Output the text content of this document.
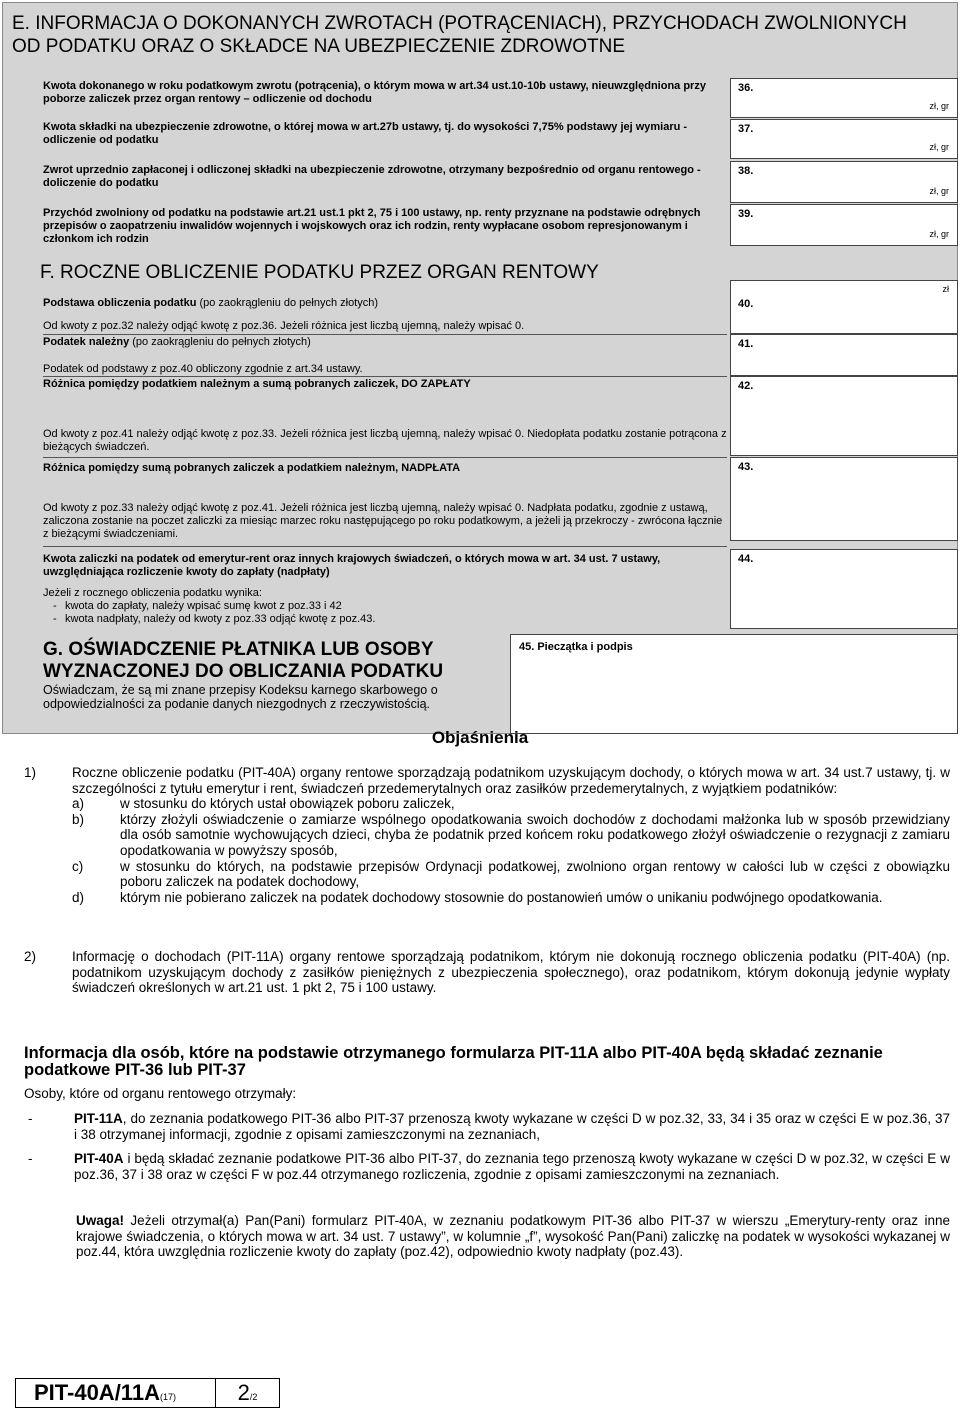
E. INFORMACJA O DOKONANYCH ZWROTACH (POTRĄCENIACH), PRZYCHODACH ZWOLNIONYCH OD PODATKU ORAZ O SKŁADCE NA UBEZPIECZENIE ZDROWOTNE
Kwota dokonanego w roku podatkowym zwrotu (potrącenia), o którym mowa w art.34 ust.10-10b ustawy, nieuwzględniona przy poborze zaliczek przez organ rentowy – odliczenie od dochodu
36.
zł, gr
Kwota składki na ubezpieczenie zdrowotne, o której mowa w art.27b ustawy, tj. do wysokości 7,75% podstawy jej wymiaru - odliczenie od podatku
37.
zł, gr
Zwrot uprzednio zapłaconej i odliczonej składki na ubezpieczenie zdrowotne, otrzymany bezpośrednio od organu rentowego - doliczenie do podatku
38.
zł, gr
Przychód zwolniony od podatku na podstawie art.21 ust.1 pkt 2, 75 i 100 ustawy, np. renty przyznane na podstawie odrębnych przepisów o zaopatrzeniu inwalidów wojennych i wojskowych oraz ich rodzin, renty wypłacane osobom represjonowanym i członkom ich rodzin
39.
zł, gr
F. ROCZNE OBLICZENIE PODATKU PRZEZ ORGAN RENTOWY
Podstawa obliczenia podatku (po zaokrągleniu do pełnych złotych)
Od kwoty z poz.32 należy odjąć kwotę z poz.36. Jeżeli różnica jest liczbą ujemną, należy wpisać 0.
40.
zł
Podatek należny (po zaokrągleniu do pełnych złotych)
Podatek od podstawy z poz.40 obliczony zgodnie z art.34 ustawy.
41.
Różnica pomiędzy podatkiem należnym a sumą pobranych zaliczek, DO ZAPŁATY
Od kwoty z poz.41 należy odjąć kwotę z poz.33. Jeżeli różnica jest liczbą ujemną, należy wpisać 0. Niedopłata podatku zostanie potrącona z bieżących świadczeń.
42.
Różnica pomiędzy sumą pobranych zaliczek a podatkiem należnym, NADPŁATA
Od kwoty z poz.33 należy odjąć kwotę z poz.41. Jeżeli różnica jest liczbą ujemną, należy wpisać 0. Nadpłata podatku, zgodnie z ustawą, zaliczona zostanie na poczet zaliczki za miesiąc marzec roku następującego po roku podatkowym, a jeżeli ją przekroczy - zwrócona łącznie z bieżącymi świadczeniami.
43.
Kwota zaliczki na podatek od emerytur-rent oraz innych krajowych świadczeń, o których mowa w art. 34 ust. 7 ustawy, uwzględniająca rozliczenie kwoty do zapłaty (nadpłaty)
Jeżeli z rocznego obliczenia podatku wynika:
- kwota do zapłaty, należy wpisać sumę kwot z poz.33 i 42
- kwota nadpłaty, należy od kwoty z poz.33 odjąć kwotę z poz.43.
44.
G. OŚWIADCZENIE PŁATNIKA LUB OSOBY WYZNACZONEJ DO OBLICZANIA PODATKU
Oświadczam, że są mi znane przepisy Kodeksu karnego skarbowego o odpowiedzialności za podanie danych niezgodnych z rzeczywistością.
45. Pieczątka i podpis
Objaśnienia
1)	Roczne obliczenie podatku (PIT-40A) organy rentowe sporządzają podatnikom uzyskującym dochody, o których mowa w art. 34 ust.7 ustawy, tj. w szczególności z tytułu emerytur i rent, świadczeń przedemerytalnych oraz zasiłków przedemerytalnych, z wyjątkiem podatników:
a)	w stosunku do których ustał obowiązek poboru zaliczek,
b)	którzy złożyli oświadczenie o zamiarze wspólnego opodatkowania swoich dochodów z dochodami małżonka lub w sposób przewidziany dla osób samotnie wychowujących dzieci, chyba że podatnik przed końcem roku podatkowego złożył oświadczenie o rezygnacji z zamiaru opodatkowania w powyższy sposób,
c)	w stosunku do których, na podstawie przepisów Ordynacji podatkowej, zwolniono organ rentowy w całości lub w części z obowiązku poboru zaliczek na podatek dochodowy,
d)	którym nie pobierano zaliczek na podatek dochodowy stosownie do postanowień umów o unikaniu podwójnego opodatkowania.
2)	Informację o dochodach (PIT-11A) organy rentowe sporządzają podatnikom, którym nie dokonują rocznego obliczenia podatku (PIT-40A) (np. podatnikom uzyskującym dochody z zasiłków pieniężnych z ubezpieczenia społecznego), oraz podatnikom, którym dokonują jedynie wypłaty świadczeń określonych w art.21 ust. 1 pkt 2, 75 i 100 ustawy.
Informacja dla osób, które na podstawie otrzymanego formularza PIT-11A albo PIT-40A będą składać zeznanie podatkowe PIT-36 lub PIT-37
Osoby, które od organu rentowego otrzymały:
-	PIT-11A, do zeznania podatkowego PIT-36 albo PIT-37 przenoszą kwoty wykazane w części D w poz.32, 33, 34 i 35 oraz w części E w poz.36, 37 i 38 otrzymanej informacji, zgodnie z opisami zamieszczonymi na zeznaniach,
-	PIT-40A i będą składać zeznanie podatkowe PIT-36 albo PIT-37, do zeznania tego przenoszą kwoty wykazane w części D w poz.32, w części E w poz.36, 37 i 38 oraz w części F w poz.44 otrzymanego rozliczenia, zgodnie z opisami zamieszczonymi na zeznaniach.
Uwaga! Jeżeli otrzymał(a) Pan(Pani) formularz PIT-40A, w zeznaniu podatkowym PIT-36 albo PIT-37 w wierszu „Emerytury-renty oraz inne krajowe świadczenia, o których mowa w art. 34 ust. 7 ustawy”, w kolumnie „f”, wysokość Pan(Pani) zaliczkę na podatek w wysokości wykazanej w poz.44, która uwzględnia rozliczenie kwoty do zapłaty (poz.42), odpowiednio kwoty nadpłaty (poz.43).
PIT-40A/11A(17)	2/2
